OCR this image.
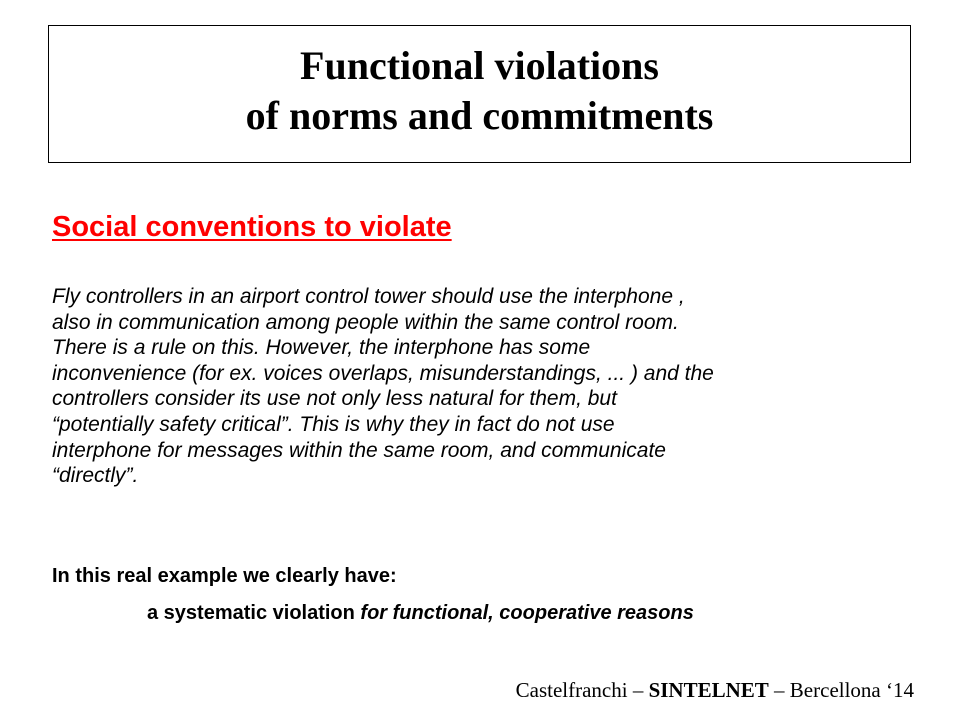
Functional violations
of norms and commitments
Social conventions to violate
Fly controllers in an airport control tower should use the interphone ,
also in communication among people within the same control room.
There is a rule on this. However, the interphone has some
inconvenience (for ex. voices overlaps, misunderstandings, ... ) and the
controllers consider its use not only less natural for them, but
“potentially safety critical”. This is why they in fact do not use
interphone for messages within the same room, and communicate
“directly”.
In this real example we clearly have:
a systematic violation for functional, cooperative reasons
Castelfranchi – SINTELNET – Bercellona ‘14
